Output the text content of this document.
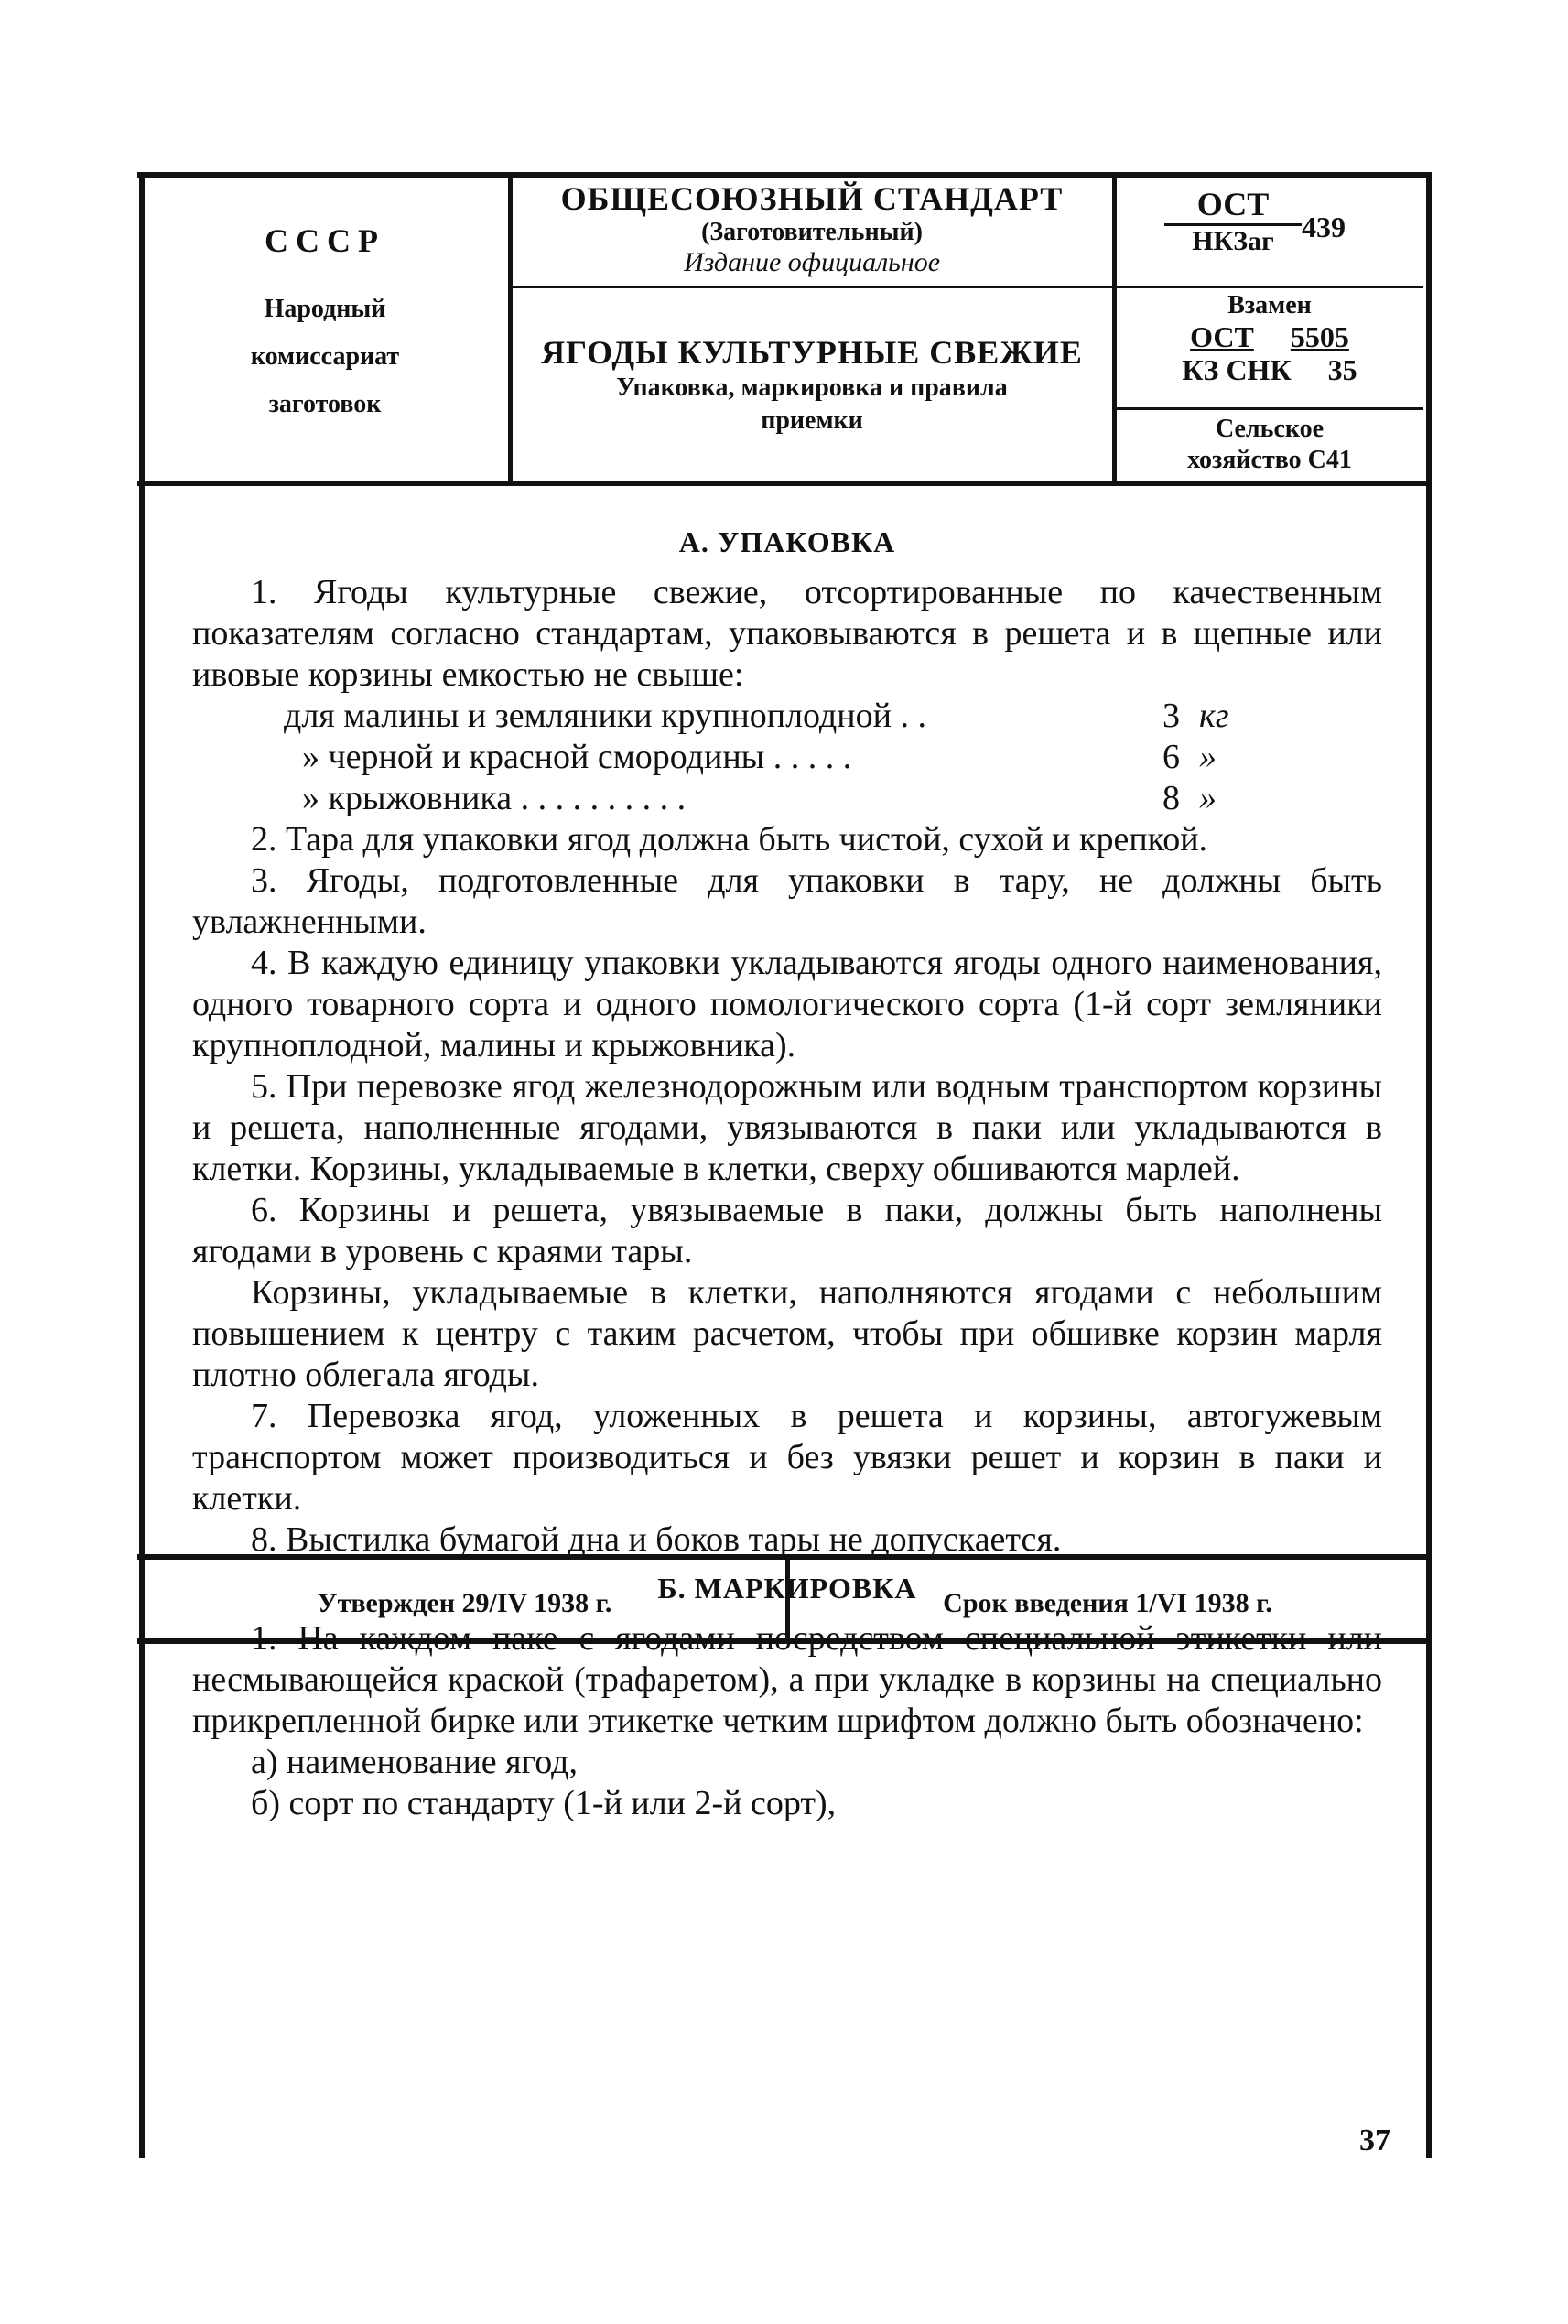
СССР
Народный
комиссариат
заготовок
ОБЩЕСОЮЗНЫЙ СТАНДАРТ
(Заготовительный)
Издание официальное
ЯГОДЫ КУЛЬТУРНЫЕ СВЕЖИЕ
Упаковка, маркировка и правила
приемки
ОСТ
НКЗаг 439
Взамен
ОСТ 5505
КЗ СНК 35
Сельское
хозяйство С41
А. УПАКОВКА

1. Ягоды культурные свежие, отсортированные по качественным показателям согласно стандартам, упаковываются в решета и в щепные или ивовые корзины емкостью не свыше:

для малины и земляники крупноплодной . .	3 кг
» черной и красной смородины . . . . .	6 »
» крыжовника . . . . . . . . . .	8 »

2. Тара для упаковки ягод должна быть чистой, сухой и крепкой.

3. Ягоды, подготовленные для упаковки в тару, не должны быть увлажненными.

4. В каждую единицу упаковки укладываются ягоды одного наименования, одного товарного сорта и одного помологического сорта (1-й сорт земляники крупноплодной, малины и крыжовника).

5. При перевозке ягод железнодорожным или водным транспортом корзины и решета, наполненные ягодами, увязываются в паки или укладываются в клетки. Корзины, укладываемые в клетки, сверху обшиваются марлей.

6. Корзины и решета, увязываемые в паки, должны быть наполнены ягодами в уровень с краями тары.

Корзины, укладываемые в клетки, наполняются ягодами с небольшим повышением к центру с таким расчетом, чтобы при обшивке корзин марля плотно облегала ягоды.

7. Перевозка ягод, уложенных в решета и корзины, автогужевым транспортом может производиться и без увязки решет и корзин в паки и клетки.

8. Выстилка бумагой дна и боков тары не допускается.

Б. МАРКИРОВКА

1. На каждом паке с ягодами посредством специальной этикетки или несмывающейся краской (трафаретом), а при укладке в корзины на специально прикрепленной бирке или этикетке четким шрифтом должно быть обозначено:

а) наименование ягод,
б) сорт по стандарту (1-й или 2-й сорт),
Утвержден 29/IV 1938 г.	Срок введения 1/VI 1938 г.
37
